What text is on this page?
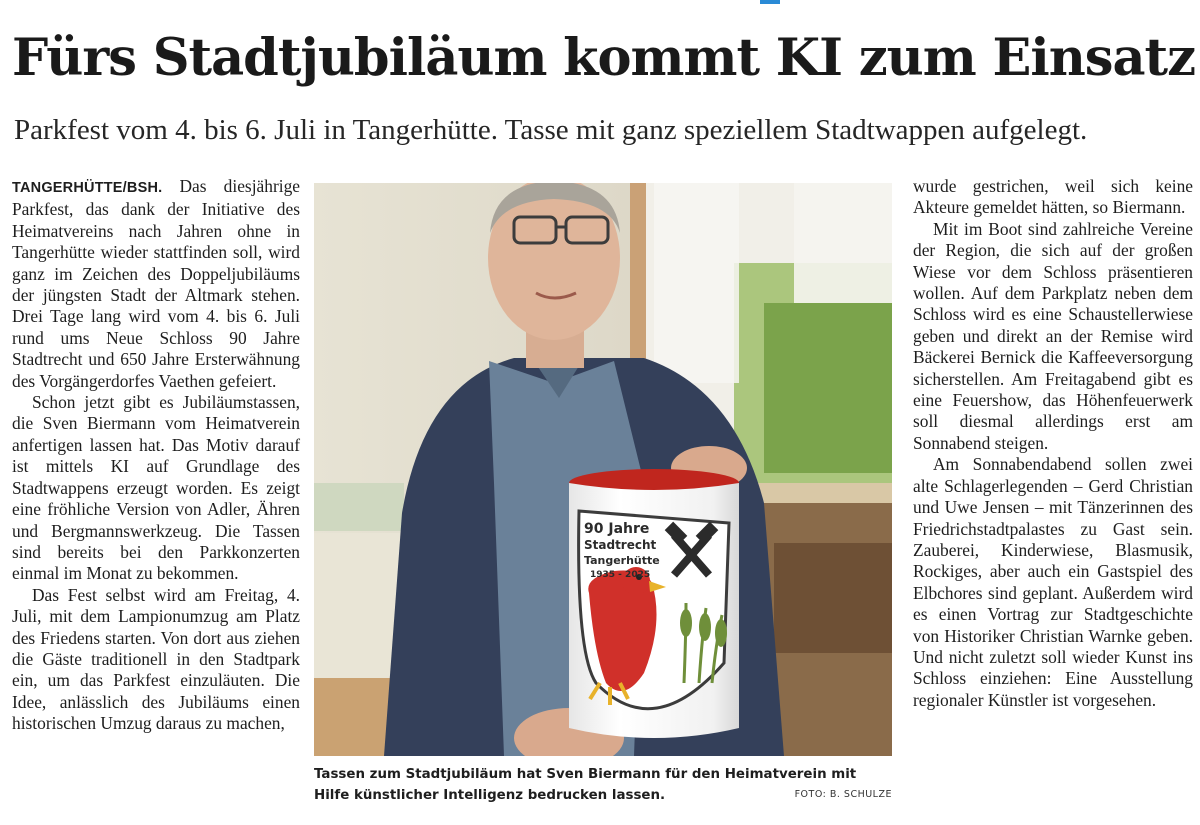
Fürs Stadtjubiläum kommt KI zum Einsatz
Parkfest vom 4. bis 6. Juli in Tangerhütte. Tasse mit ganz speziellem Stadtwappen aufgelegt.

TANGERHÜTTE/BSH. Das diesjährige Parkfest, das dank der Initiative des Heimatvereins nach Jahren ohne in Tangerhütte wieder stattfinden soll, wird ganz im Zeichen des Doppeljubiläums der jüngsten Stadt der Altmark stehen. Drei Tage lang wird vom 4. bis 6. Juli rund ums Neue Schloss 90 Jahre Stadtrecht und 650 Jahre Ersterwähnung des Vorgängerdorfes Vaethen gefeiert.

Schon jetzt gibt es Jubiläumstassen, die Sven Biermann vom Heimatverein anfertigen lassen hat. Das Motiv darauf ist mittels KI auf Grundlage des Stadtwappens erzeugt worden. Es zeigt eine fröhliche Version von Adler, Ähren und Bergmannswerkzeug. Die Tassen sind bereits bei den Parkkonzerten einmal im Monat zu bekommen.

Das Fest selbst wird am Freitag, 4. Juli, mit dem Lampionumzug am Platz des Friedens starten. Von dort aus ziehen die Gäste traditionell in den Stadtpark ein, um das Parkfest einzuläuten. Die Idee, anlässlich des Jubiläums einen historischen Umzug daraus zu machen,

90 Jahre
Stadtrecht
Tangerhütte
1935 - 2025
Tassen zum Stadtjubiläum hat Sven Biermann für den Heimatverein mit Hilfe künstlicher Intelligenz bedrucken lassen.	FOTO: B. SCHULZE

wurde gestrichen, weil sich keine Akteure gemeldet hätten, so Biermann.

Mit im Boot sind zahlreiche Vereine der Region, die sich auf der großen Wiese vor dem Schloss präsentieren wollen. Auf dem Parkplatz neben dem Schloss wird es eine Schaustellerwiese geben und direkt an der Remise wird Bäckerei Bernick die Kaffeeversorgung sicherstellen. Am Freitagabend gibt es eine Feuershow, das Höhenfeuerwerk soll diesmal allerdings erst am Sonnabend steigen.

Am Sonnabendabend sollen zwei alte Schlagerlegenden – Gerd Christian und Uwe Jensen – mit Tänzerinnen des Friedrichstadtpalastes zu Gast sein. Zauberei, Kinderwiese, Blasmusik, Rockiges, aber auch ein Gastspiel des Elbchores sind geplant. Außerdem wird es einen Vortrag zur Stadtgeschichte von Historiker Christian Warnke geben. Und nicht zuletzt soll wieder Kunst ins Schloss einziehen: Eine Ausstellung regionaler Künstler ist vorgesehen.
